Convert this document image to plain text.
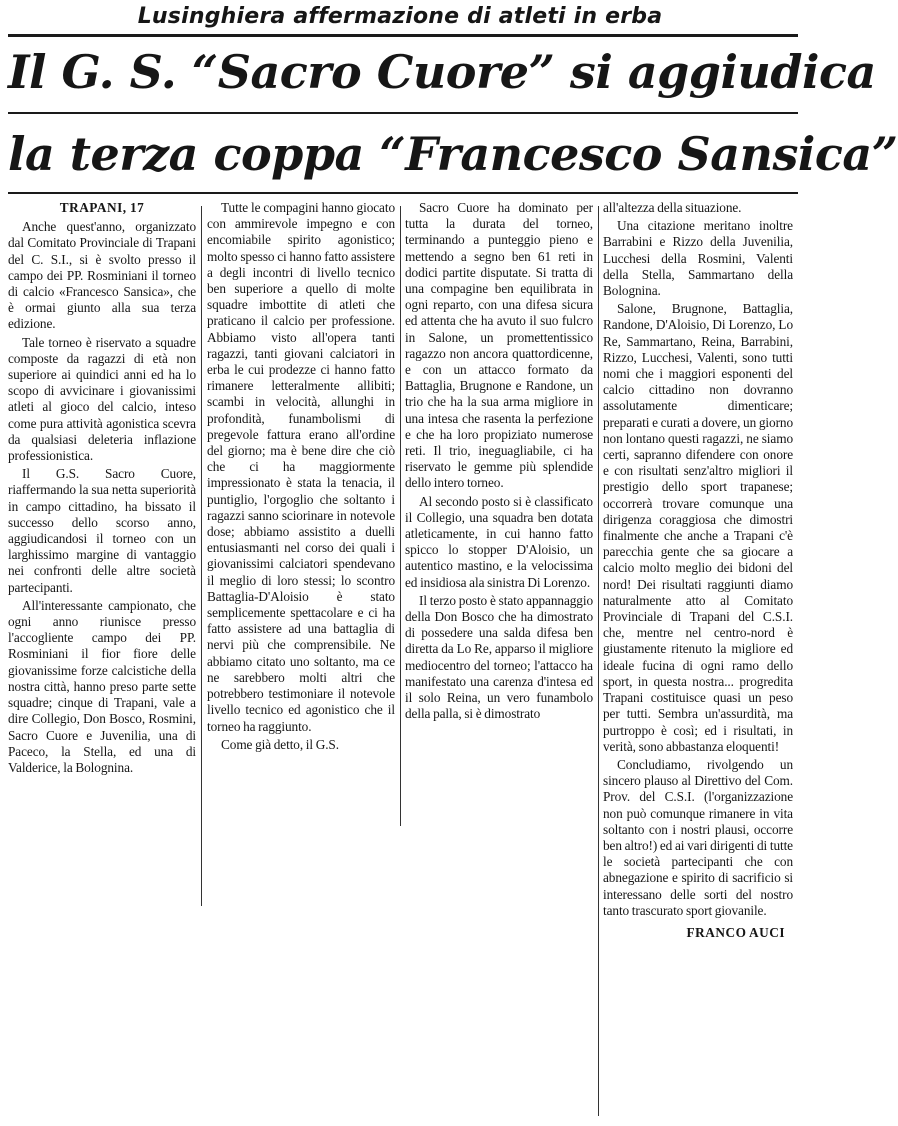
Lusinghiera affermazione di atleti in erba
Il G. S. “Sacro Cuore” si aggiudica
la terza coppa “Francesco Sansica”

TRAPANI, 17

Anche quest'anno, organizzato dal Comitato Provinciale di Trapani del C. S.I., si è svolto presso il campo dei PP. Rosminiani il torneo di calcio «Francesco Sansica», che è ormai giunto alla sua terza edizione.

Tale torneo è riservato a squadre composte da ragazzi di età non superiore ai quindici anni ed ha lo scopo di avvicinare i giovanissimi atleti al gioco del calcio, inteso come pura attività agonistica scevra da qualsiasi deleteria inflazione professionistica.

Il G.S. Sacro Cuore, riaffermando la sua netta superiorità in campo cittadino, ha bissato il successo dello scorso anno, aggiudicandosi il torneo con un larghissimo margine di vantaggio nei confronti delle altre società partecipanti.

All'interessante campionato, che ogni anno riunisce presso l'accogliente campo dei PP. Rosminiani il fior fiore delle giovanissime forze calcistiche della nostra città, hanno preso parte sette squadre; cinque di Trapani, vale a dire Collegio, Don Bosco, Rosmini, Sacro Cuore e Juvenilia, una di Paceco, la Stella, ed una di Valderice, la Bolognina.

Tutte le compagini hanno giocato con ammirevole impegno e con encomiabile spirito agonistico; molto spesso ci hanno fatto assistere a degli incontri di livello tecnico ben superiore a quello di molte squadre imbottite di atleti che praticano il calcio per professione. Abbiamo visto all'opera tanti ragazzi, tanti giovani calciatori in erba le cui prodezze ci hanno fatto rimanere letteralmente allibiti; scambi in velocità, allunghi in profondità, funambolismi di pregevole fattura erano all'ordine del giorno; ma è bene dire che ciò che ci ha maggiormente impressionato è stata la tenacia, il puntiglio, l'orgoglio che soltanto i ragazzi sanno sciorinare in notevole dose; abbiamo assistito a duelli entusiasmanti nel corso dei quali i giovanissimi calciatori spendevano il meglio di loro stessi; lo scontro Battaglia-D'Aloisio è stato semplicemente spettacolare e ci ha fatto assistere ad una battaglia di nervi più che comprensibile. Ne abbiamo citato uno soltanto, ma ce ne sarebbero molti altri che potrebbero testimoniare il notevole livello tecnico ed agonistico che il torneo ha raggiunto.

Come già detto, il G.S.

Sacro Cuore ha dominato per tutta la durata del torneo, terminando a punteggio pieno e mettendo a segno ben 61 reti in dodici partite disputate. Si tratta di una compagine ben equilibrata in ogni reparto, con una difesa sicura ed attenta che ha avuto il suo fulcro in Salone, un promettentissico ragazzo non ancora quattordicenne, e con un attacco formato da Battaglia, Brugnone e Randone, un trio che ha la sua arma migliore in una intesa che rasenta la perfezione e che ha loro propiziato numerose reti. Il trio, ineguagliabile, ci ha riservato le gemme più splendide dello intero torneo.

Al secondo posto si è classificato il Collegio, una squadra ben dotata atleticamente, in cui hanno fatto spicco lo stopper D'Aloisio, un autentico mastino, e la velocissima ed insidiosa ala sinistra Di Lorenzo.

Il terzo posto è stato appannaggio della Don Bosco che ha dimostrato di possedere una salda difesa ben diretta da Lo Re, apparso il migliore mediocentro del torneo; l'attacco ha manifestato una carenza d'intesa ed il solo Reina, un vero funambolo della palla, si è dimostrato

all'altezza della situazione.

Una citazione meritano inoltre Barrabini e Rizzo della Juvenilia, Lucchesi della Rosmini, Valenti della Stella, Sammartano della Bolognina.

Salone, Brugnone, Battaglia, Randone, D'Aloisio, Di Lorenzo, Lo Re, Sammartano, Reina, Barrabini, Rizzo, Lucchesi, Valenti, sono tutti nomi che i maggiori esponenti del calcio cittadino non dovranno assolutamente dimenticare; preparati e curati a dovere, un giorno non lontano questi ragazzi, ne siamo certi, sapranno difendere con onore e con risultati senz'altro migliori il prestigio dello sport trapanese; occorrerà trovare comunque una dirigenza coraggiosa che dimostri finalmente che anche a Trapani c'è parecchia gente che sa giocare a calcio molto meglio dei bidoni del nord! Dei risultati raggiunti diamo naturalmente atto al Comitato Provinciale di Trapani del C.S.I. che, mentre nel centro-nord è giustamente ritenuto la migliore ed ideale fucina di ogni ramo dello sport, in questa nostra... progredita Trapani costituisce quasi un peso per tutti. Sembra un'assurdità, ma purtroppo è così; ed i risultati, in verità, sono abbastanza eloquenti!

Concludiamo, rivolgendo un sincero plauso al Direttivo del Com. Prov. del C.S.I. (l'organizzazione non può comunque rimanere in vita soltanto con i nostri plausi, occorre ben altro!) ed ai vari dirigenti di tutte le società partecipanti che con abnegazione e spirito di sacrificio si interessano delle sorti del nostro tanto trascurato sport giovanile.

FRANCO AUCI
